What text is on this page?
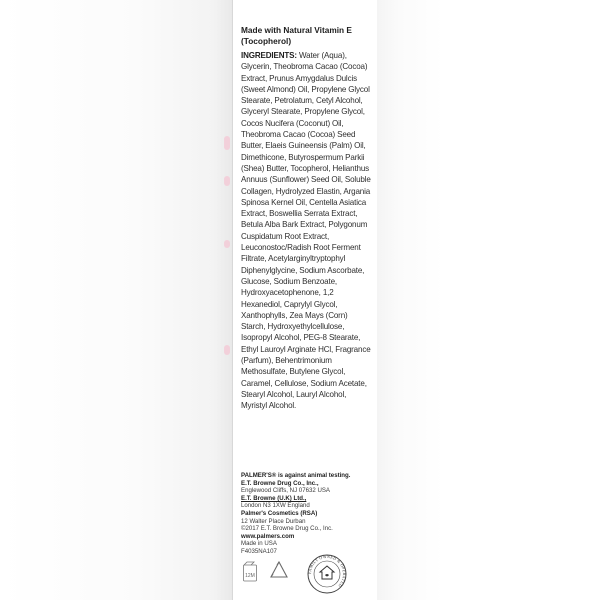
Made with Natural Vitamin E (Tocopherol)

INGREDIENTS: Water (Aqua), Glycerin, Theobroma Cacao (Cocoa) Extract, Prunus Amygdalus Dulcis (Sweet Almond) Oil, Propylene Glycol Stearate, Petrolatum, Cetyl Alcohol, Glyceryl Stearate, Propylene Glycol, Cocos Nucifera (Coconut) Oil, Theobroma Cacao (Cocoa) Seed Butter, Elaeis Guineensis (Palm) Oil, Dimethicone, Butyrospermum Parkii (Shea) Butter, Tocopherol, Helianthus Annuus (Sunflower) Seed Oil, Soluble Collagen, Hydrolyzed Elastin, Argania Spinosa Kernel Oil, Centella Asiatica Extract, Boswellia Serrata Extract, Betula Alba Bark Extract, Polygonum Cuspidatum Root Extract, Leuconostoc/Radish Root Ferment Filtrate, Acetylarginyltryptophyl Diphenylglycine, Sodium Ascorbate, Glucose, Sodium Benzoate, Hydroxyacetophenone, 1,2 Hexanediol, Caprylyl Glycol, Xanthophylls, Zea Mays (Corn) Starch, Hydroxyethylcellulose, Isopropyl Alcohol, PEG-8 Stearate, Ethyl Lauroyl Arginate HCl, Fragrance (Parfum), Behentrimonium Methosulfate, Butylene Glycol, Caramel, Cellulose, Sodium Acetate, Stearyl Alcohol, Lauryl Alcohol, Myristyl Alcohol.

PALMER'S® is against animal testing.

E.T. Browne Drug Co., Inc.,

Englewood Cliffs, NJ 07632 USA

E.T. Browne (U.K) Ltd.,

London N3 1XW England

Palmer's Cosmetics (RSA)

12 Walter Place Durban

©2017 E.T. Browne Drug Co., Inc.

www.palmers.com

Made in USA

F4035NA107

12M
FAMILY OWNED & OPERATED
